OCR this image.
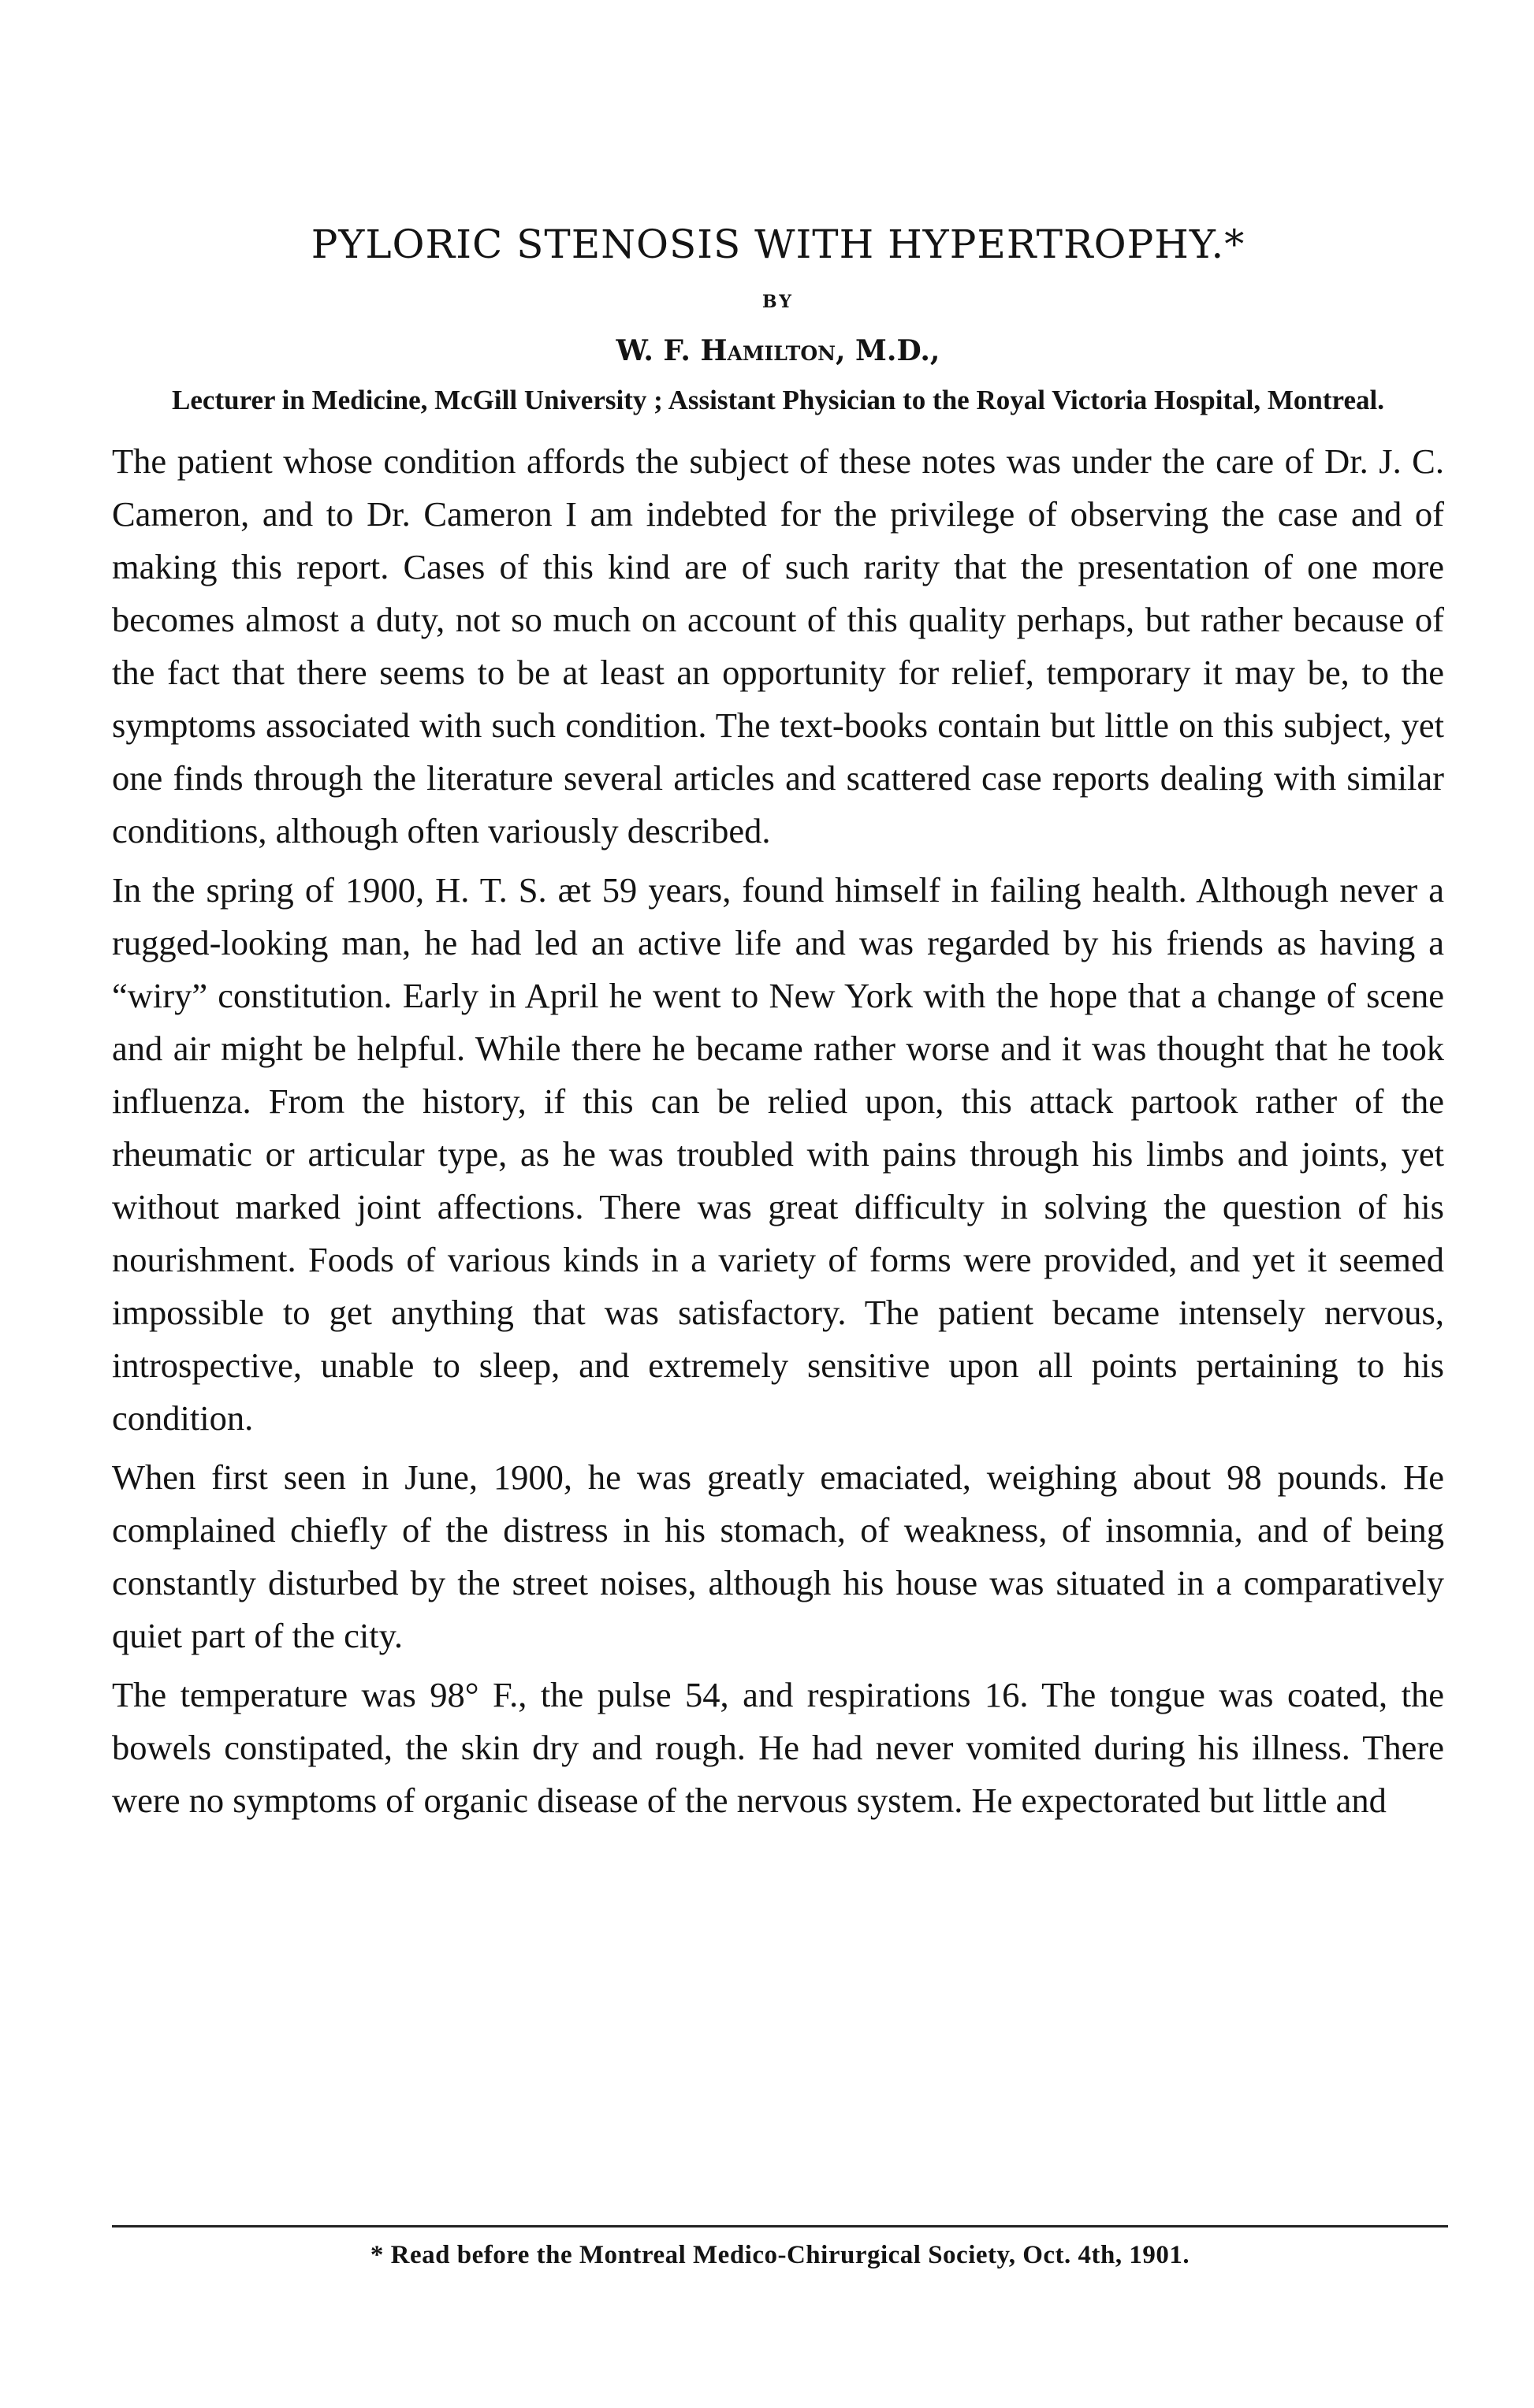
PYLORIC STENOSIS WITH HYPERTROPHY.*
BY
W. F. Hamilton, M.D.,
Lecturer in Medicine, McGill University ; Assistant Physician to the Royal Victoria Hospital, Montreal.

The patient whose condition affords the subject of these notes was under the care of Dr. J. C. Cameron, and to Dr. Cameron I am indebted for the privilege of observing the case and of making this report. Cases of this kind are of such rarity that the presentation of one more becomes almost a duty, not so much on account of this quality perhaps, but rather because of the fact that there seems to be at least an opportunity for relief, temporary it may be, to the symptoms associated with such condition. The text-books contain but little on this subject, yet one finds through the literature several articles and scattered case reports dealing with similar conditions, although often variously described.

In the spring of 1900, H. T. S. æt 59 years, found himself in failing health. Although never a rugged-looking man, he had led an active life and was regarded by his friends as having a “wiry” constitution. Early in April he went to New York with the hope that a change of scene and air might be helpful. While there he became rather worse and it was thought that he took influenza. From the history, if this can be relied upon, this attack partook rather of the rheumatic or articular type, as he was troubled with pains through his limbs and joints, yet without marked joint affections. There was great difficulty in solving the question of his nourishment. Foods of various kinds in a variety of forms were provided, and yet it seemed impossible to get anything that was satisfactory. The patient became intensely nervous, introspective, unable to sleep, and extremely sensitive upon all points pertaining to his condition.

When first seen in June, 1900, he was greatly emaciated, weighing about 98 pounds. He complained chiefly of the distress in his stomach, of weakness, of insomnia, and of being constantly disturbed by the street noises, although his house was situated in a comparatively quiet part of the city.

The temperature was 98° F., the pulse 54, and respirations 16. The tongue was coated, the bowels constipated, the skin dry and rough. He had never vomited during his illness. There were no symptoms of organic disease of the nervous system. He expectorated but little and

* Read before the Montreal Medico-Chirurgical Society, Oct. 4th, 1901.
